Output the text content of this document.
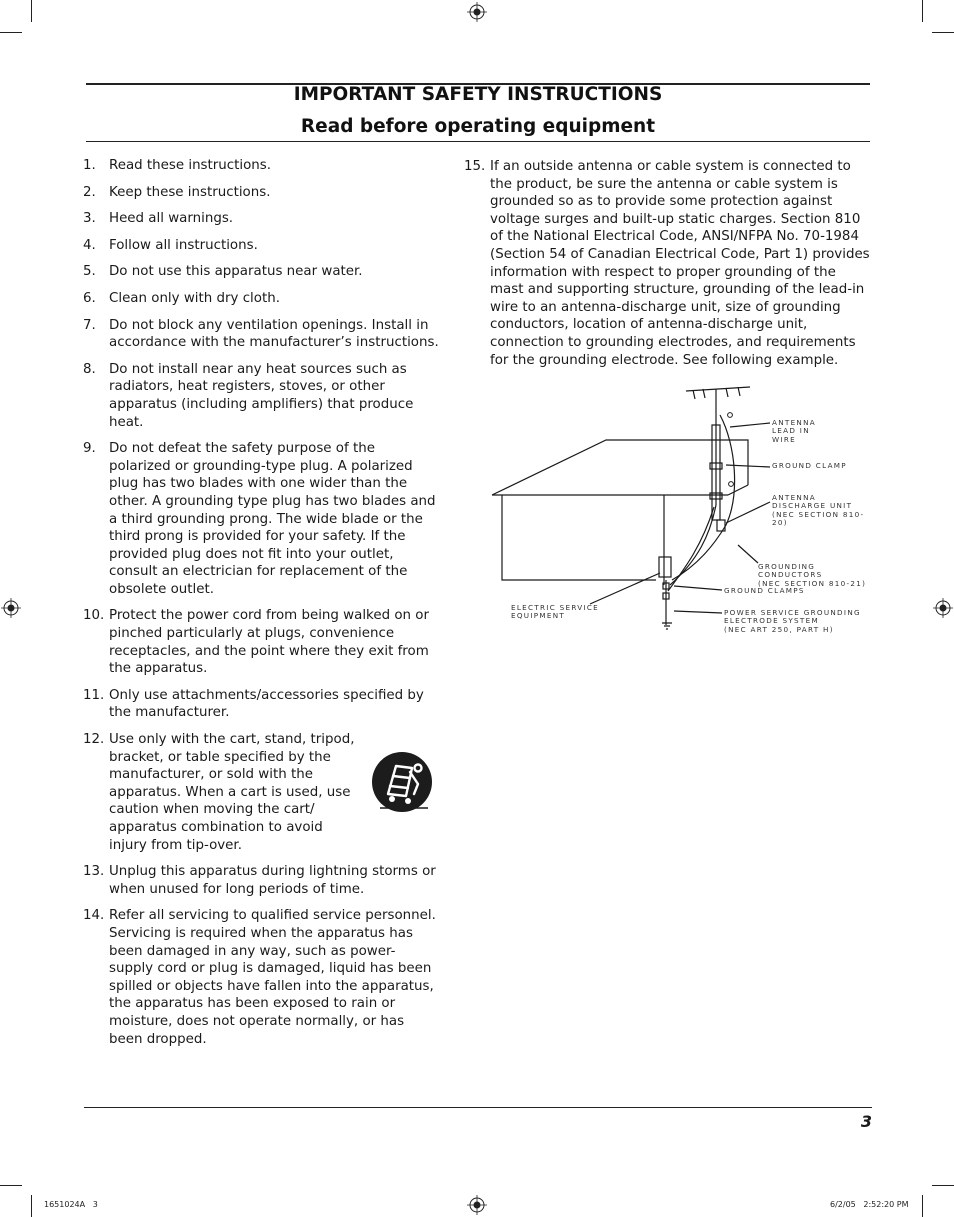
IMPORTANT SAFETY INSTRUCTIONS
Read before operating equipment
1. Read these instructions.
2. Keep these instructions.
3. Heed all warnings.
4. Follow all instructions.
5. Do not use this apparatus near water.
6. Clean only with dry cloth.
7. Do not block any ventilation openings. Install in accordance with the manufacturer’s instructions.
8. Do not install near any heat sources such as radiators, heat registers, stoves, or other apparatus (including amplifiers) that produce heat.
9. Do not defeat the safety purpose of the polarized or grounding-type plug. A polarized plug has two blades with one wider than the other. A grounding type plug has two blades and a third grounding prong. The wide blade or the third prong is provided for your safety. If the provided plug does not fit into your outlet, consult an electrician for replacement of the obsolete outlet.
10. Protect the power cord from being walked on or pinched particularly at plugs, convenience receptacles, and the point where they exit from the apparatus.
11. Only use attachments/accessories specified by the manufacturer.
12. Use only with the cart, stand, tripod, bracket, or table specified by the manufacturer, or sold with the apparatus. When a cart is used, use caution when moving the cart/ apparatus combination to avoid injury from tip-over.
13. Unplug this apparatus during lightning storms or when unused for long periods of time.
14. Refer all servicing to qualified service personnel. Servicing is required when the apparatus has been damaged in any way, such as power-supply cord or plug is damaged, liquid has been spilled or objects have fallen into the apparatus, the apparatus has been exposed to rain or moisture, does not operate normally, or has been dropped.
15. If an outside antenna or cable system is connected to the product, be sure the antenna or cable system is grounded so as to provide some protection against voltage surges and built-up static charges. Section 810 of the National Electrical Code, ANSI/NFPA No. 70-1984 (Section 54 of Canadian Electrical Code, Part 1) provides information with respect to proper grounding of the mast and supporting structure, grounding of the lead-in wire to an antenna-discharge unit, size of grounding conductors, location of antenna-discharge unit, connection to grounding electrodes, and requirements for the grounding electrode. See following example.
ANTENNA
LEAD IN
WIRE
GROUND CLAMP
ANTENNA
DISCHARGE UNIT
(NEC SECTION 810-20)
GROUNDING CONDUCTORS
(NEC SECTION 810-21)
GROUND CLAMPS
ELECTRIC SERVICE
EQUIPMENT	POWER SERVICE GROUNDING
ELECTRODE SYSTEM
(NEC ART 250, PART H)
3
1651024A   3	6/2/05   2:52:20 PM
